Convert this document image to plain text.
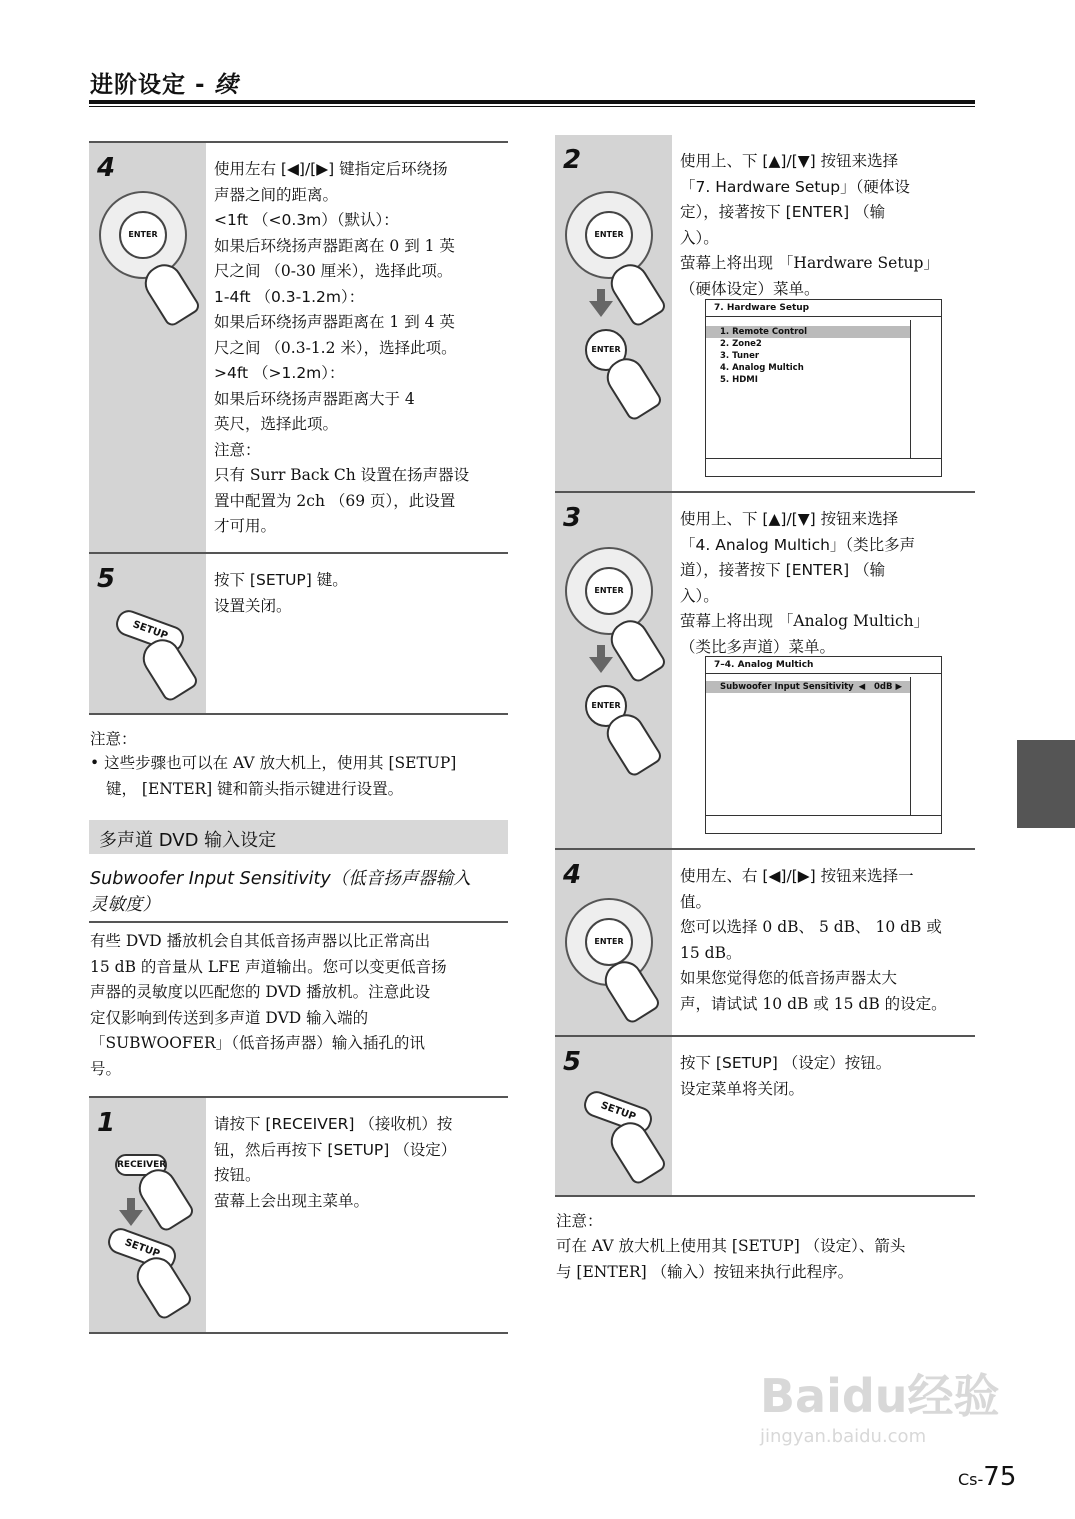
进阶设定 - 续
4
ENTER

使用左右 [◀]/[▶] 键指定后环绕扬

声器之间的距离。

<1ft （<0.3m）（默认）：

如果后环绕扬声器距离在 0 到 1 英

尺之间 （0-30 厘米），选择此项。

1-4ft （0.3-1.2m）：

如果后环绕扬声器距离在 1 到 4 英

尺之间 （0.3-1.2 米），选择此项。

>4ft （>1.2m）：

如果后环绕扬声器距离大于 4

英尺，选择此项。

注意：

只有 Surr Back Ch 设置在扬声器设

置中配置为 2ch （69 页），此设置

才可用。

5
SETUP

按下 [SETUP] 键。

设置关闭。

注意：
• 这些步骤也可以在 AV 放大机上，使用其 [SETUP]
键， [ENTER] 键和箭头指示键进行设置。
多声道 DVD 输入设定
Subwoofer Input Sensitivity（低音扬声器输入
灵敏度）
有些 DVD 播放机会自其低音扬声器以比正常高出
15 dB 的音量从 LFE 声道输出。您可以变更低音扬
声器的灵敏度以匹配您的 DVD 播放机。注意此设
定仅影响到传送到多声道 DVD 输入端的
「SUBWOOFER」（低音扬声器）输入插孔的讯
号。
1
RECEIVER
SETUP

请按下 [RECEIVER] （接收机）按

钮，然后再按下 [SETUP] （设定）

按钮。

萤幕上会出现主菜单。

2
ENTER
ENTER

使用上、下 [▲]/[▼] 按钮来选择

「7. Hardware Setup」（硬体设

定），接著按下 [ENTER] （输

入）。

萤幕上将出现 「Hardware Setup」

（硬体设定）菜单。

7. Hardware Setup
1. Remote Control
2. Zone2
3. Tuner
4. Analog Multich
5. HDMI
3
ENTER
ENTER

使用上、下 [▲]/[▼] 按钮来选择

「4. Analog Multich」（类比多声

道），接著按下 [ENTER] （输

入）。

萤幕上将出现 「Analog Multich」

（类比多声道）菜单。

7–4. Analog Multich
Subwoofer Input Sensitivity ◀ 0dB ▶
4
ENTER

使用左、右 [◀]/[▶] 按钮来选择一

值。

您可以选择 0 dB、 5 dB、 10 dB 或

15 dB。

如果您觉得您的低音扬声器太大

声，请试试 10 dB 或 15 dB 的设定。

5
SETUP

按下 [SETUP] （设定）按钮。

设定菜单将关闭。

注意：
可在 AV 放大机上使用其 [SETUP] （设定）、箭头
与 [ENTER] （输入）按钮来执行此程序。
Baidu经验
jingyan.baidu.com
Cs-75
